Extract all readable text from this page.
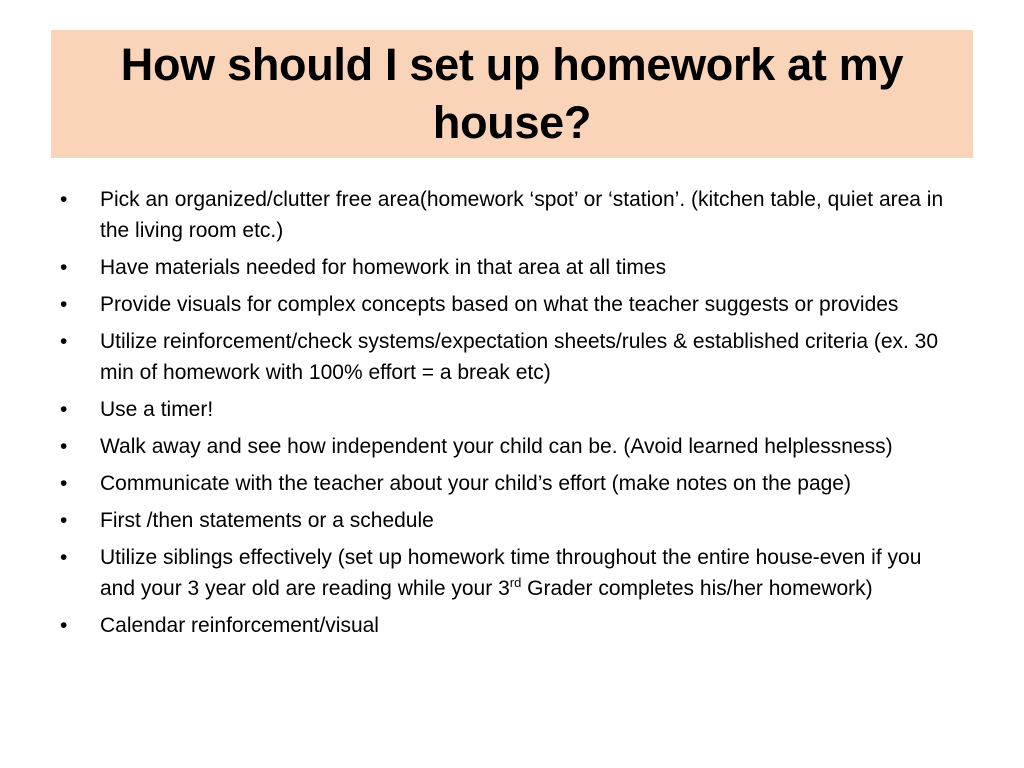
How should I set up homework at my house?
• Pick an organized/clutter free area(homework ‘spot’ or ‘station’. (kitchen table, quiet area in the living room etc.)
• Have materials needed for homework in that area at all times
• Provide visuals for complex concepts based on what the teacher suggests or provides
• Utilize reinforcement/check systems/expectation sheets/rules & established criteria (ex. 30 min of homework with 100% effort = a break etc)
• Use a timer!
• Walk away and see how independent your child can be. (Avoid learned helplessness)
• Communicate with the teacher about your child’s effort (make notes on the page)
• First /then statements or a schedule
• Utilize siblings effectively (set up homework time throughout the entire house-even if you and your 3 year old are reading while your 3rd Grader completes his/her homework)
• Calendar reinforcement/visual
